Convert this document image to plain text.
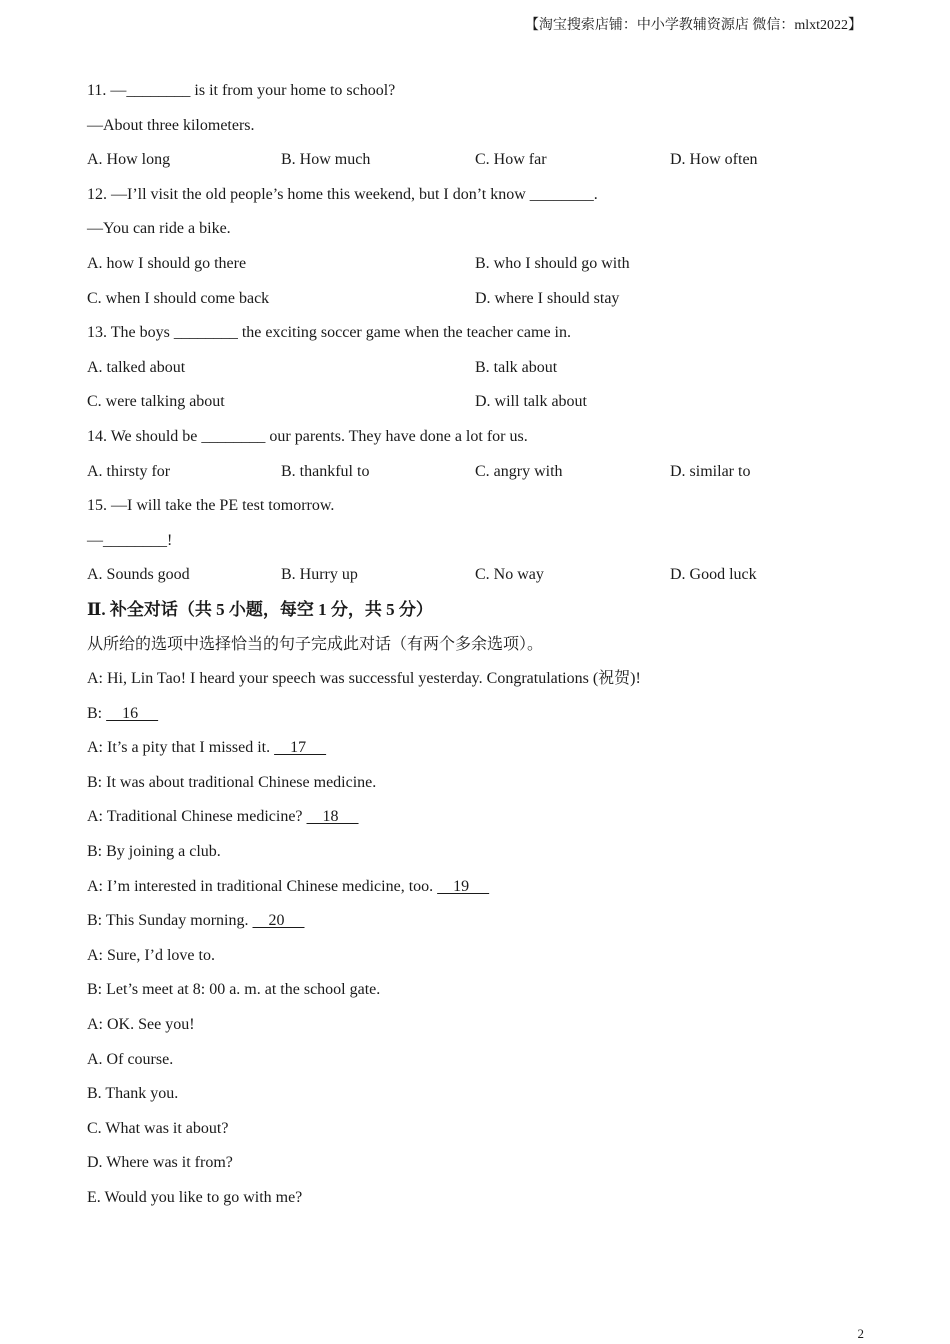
【淘宝搜索店铺：中小学教辅资源店 微信：mlxt2022】
11. —________ is it from your home to school?
—About three kilometers.
A. How long	B. How much	C. How far	D. How often
12. —I’ll visit the old people’s home this weekend, but I don’t know ________.
—You can ride a bike.
A. how I should go there	B. who I should go with
C. when I should come back	D. where I should stay
13. The boys ________ the exciting soccer game when the teacher came in.
A. talked about	B. talk about
C. were talking about	D. will talk about
14. We should be ________ our parents. They have done a lot for us.
A. thirsty for	B. thankful to	C. angry with	D. similar to
15. —I will take the PE test tomorrow.
—________!
A. Sounds good	B. Hurry up	C. No way	D. Good luck
Ⅱ. 补全对话（共 5 小题，每空 1 分，共 5 分）
从所给的选项中选择恰当的句子完成此对话（有两个多余选项）。
A: Hi, Lin Tao! I heard your speech was successful yesterday. Congratulations (祝贺)!
B:     16
A: It’s a pity that I missed it.     17
B: It was about traditional Chinese medicine.
A: Traditional Chinese medicine?     18
B: By joining a club.
A: I’m interested in traditional Chinese medicine, too.     19
B: This Sunday morning.     20
A: Sure, I’d love to.
B: Let’s meet at 8: 00 a. m. at the school gate.
A: OK. See you!
A. Of course.
B. Thank you.
C. What was it about?
D. Where was it from?
E. Would you like to go with me?
2
